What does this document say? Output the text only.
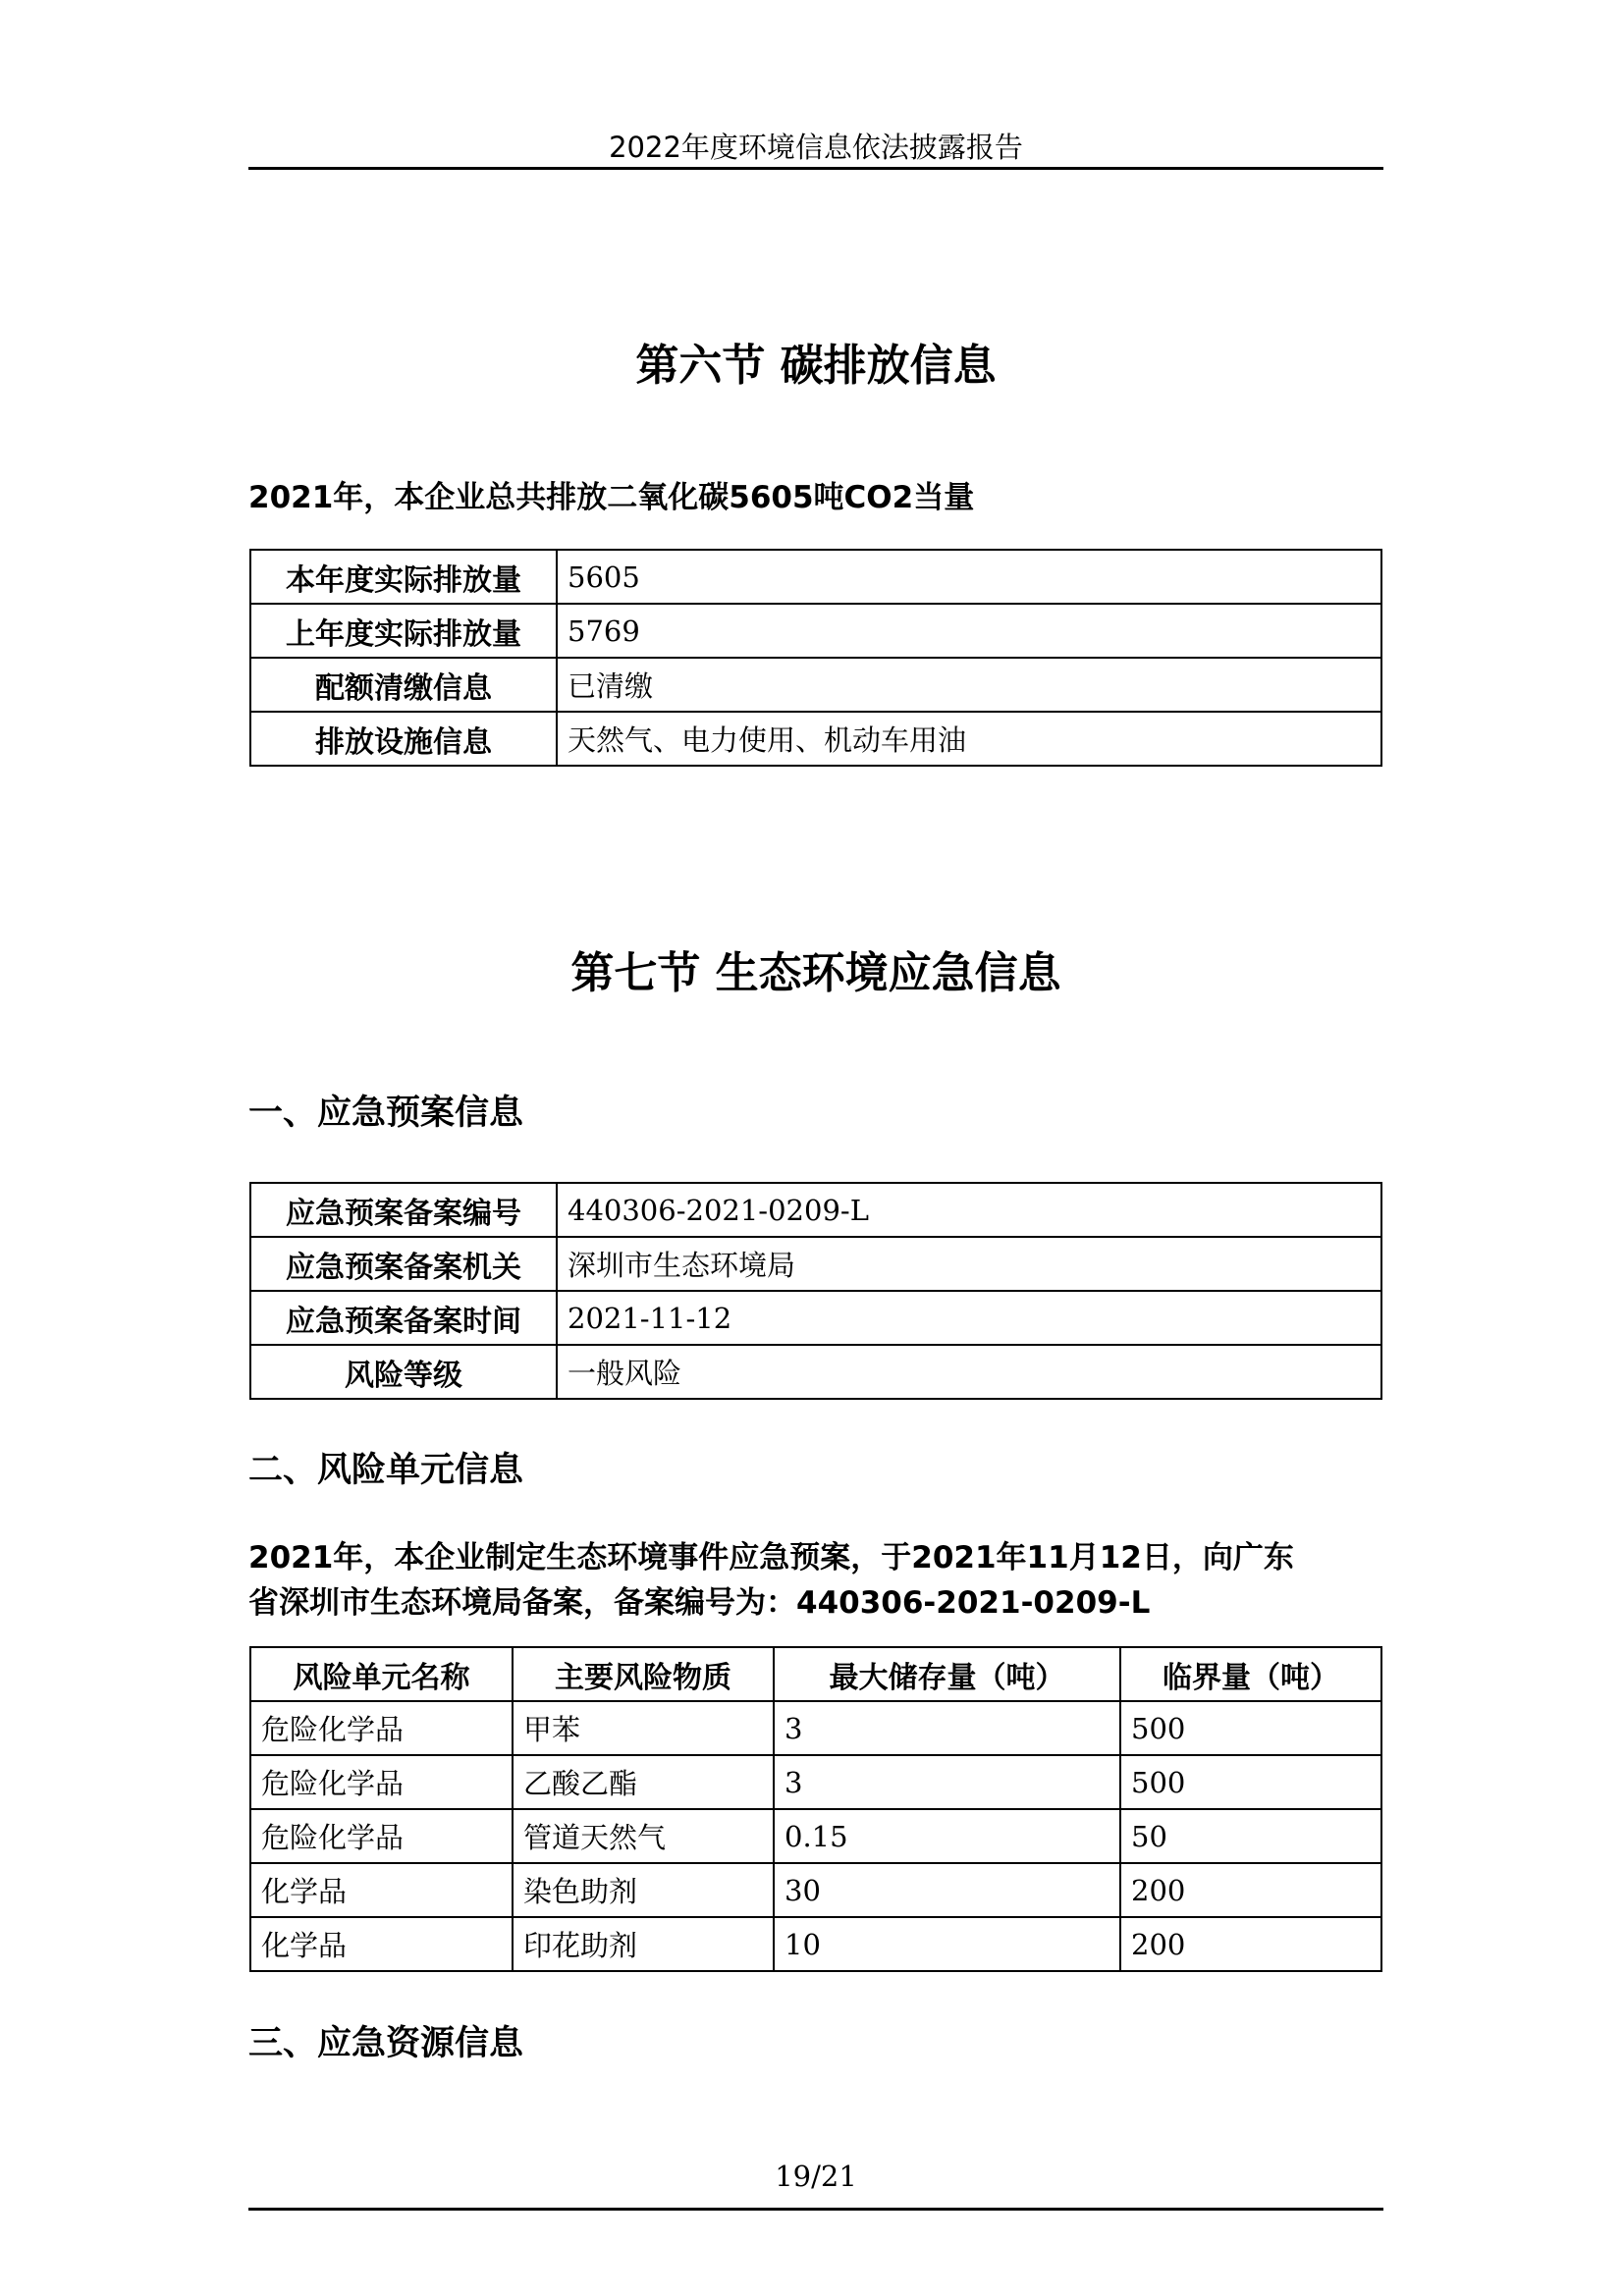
2022年度环境信息依法披露报告
第六节 碳排放信息
2021年，本企业总共排放二氧化碳5605吨CO2当量
本年度实际排放量	5605
上年度实际排放量	5769
配额清缴信息	已清缴
排放设施信息	天然气、电力使用、机动车用油
第七节 生态环境应急信息
一、应急预案信息
应急预案备案编号	440306-2021-0209-L
应急预案备案机关	深圳市生态环境局
应急预案备案时间	2021-11-12
风险等级	一般风险
二、风险单元信息
2021年，本企业制定生态环境事件应急预案，于2021年11月12日，向广东
省深圳市生态环境局备案，备案编号为：440306-2021-0209-L
风险单元名称	主要风险物质	最大储存量（吨）	临界量（吨）
危险化学品	甲苯	3	500
危险化学品	乙酸乙酯	3	500
危险化学品	管道天然气	0.15	50
化学品	染色助剂	30	200
化学品	印花助剂	10	200
三、应急资源信息
19/21
